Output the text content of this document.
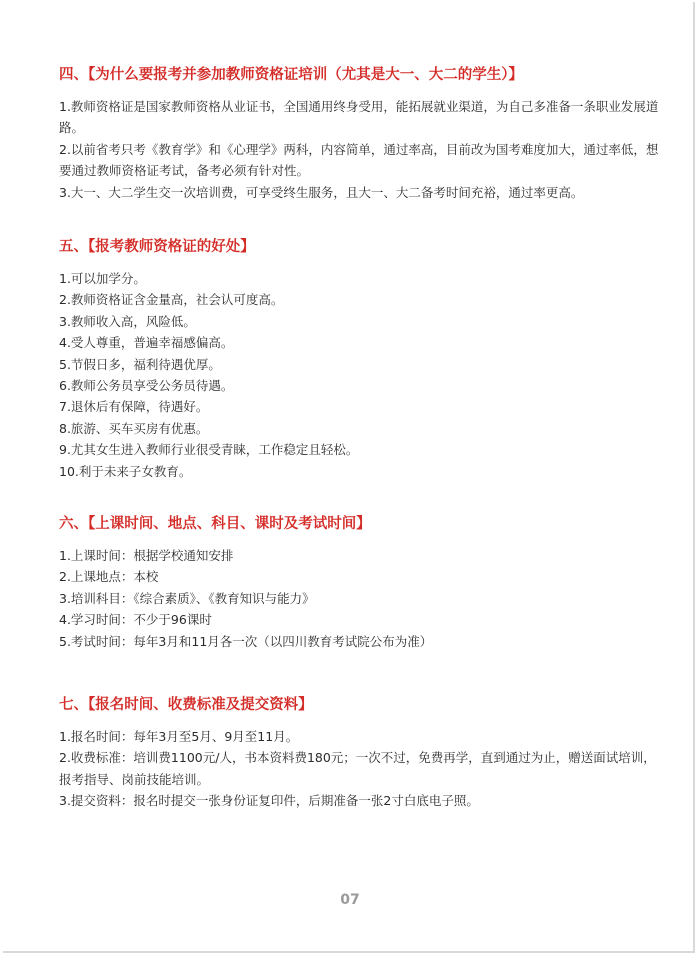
四、【为什么要报考并参加教师资格证培训（尤其是大一、大二的学生）】

1.教师资格证是国家教师资格从业证书，全国通用终身受用，能拓展就业渠道，为自己多准备一条职业发展道路。

2.以前省考只考《教育学》和《心理学》两科，内容简单，通过率高，目前改为国考难度加大，通过率低，想要通过教师资格证考试，备考必须有针对性。

3.大一、大二学生交一次培训费，可享受终生服务，且大一、大二备考时间充裕，通过率更高。

五、【报考教师资格证的好处】

1.可以加学分。

2.教师资格证含金量高，社会认可度高。

3.教师收入高，风险低。

4.受人尊重，普遍幸福感偏高。

5.节假日多，福利待遇优厚。

6.教师公务员享受公务员待遇。

7.退休后有保障，待遇好。

8.旅游、买车买房有优惠。

9.尤其女生进入教师行业很受青睐，工作稳定且轻松。

10.利于未来子女教育。

六、【上课时间、地点、科目、课时及考试时间】

1.上课时间：根据学校通知安排

2.上课地点：本校

3.培训科目：《综合素质》、《教育知识与能力》

4.学习时间：不少于96课时

5.考试时间：每年3月和11月各一次（以四川教育考试院公布为准）

七、【报名时间、收费标准及提交资料】

1.报名时间：每年3月至5月、9月至11月。

2.收费标准：培训费1100元/人，书本资料费180元；一次不过，免费再学，直到通过为止，赠送面试培训，报考指导、岗前技能培训。

3.提交资料：报名时提交一张身份证复印件，后期准备一张2寸白底电子照。

07
